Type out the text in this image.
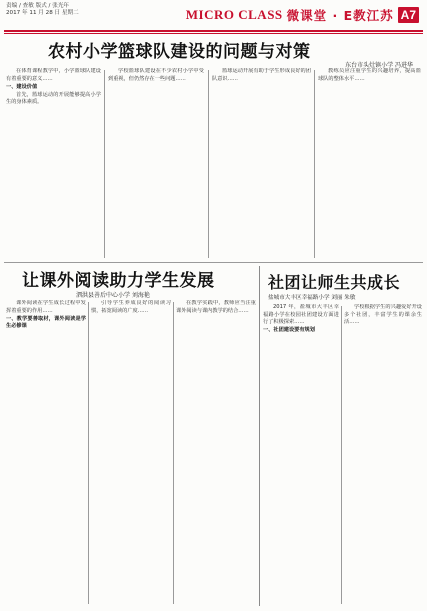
责编 / 查敏 版式 / 张光年
2017 年 11 月 28 日 星期二	MICRO CLASS 微课堂 · E教江苏 A7
农村小学篮球队建设的问题与对策
东台市头灶镇小学 冯进华

在体育课程教学中，小学篮球队建设有着重要的意义……

一、建设价值

首先，篮球运动的开展能够提高小学生的身体素质。

学校篮球队建设在不少农村小学中受到重视，但仍然存在一些问题……

篮球运动开展有助于学生形成良好的团队意识……

教练员应注重学生的兴趣培养，提高篮球队的整体水平……

让课外阅读助力学生发展
泗洪县善后中心小学 刘海艳

课外阅读在学生成长过程中发挥着重要的作用……

一、教学要善取材，课外阅读是学生必修课

引导学生养成良好的阅读习惯，拓宽阅读的广度……

在教学实践中，教师应当注重课外阅读与课内教学的结合……

社团让师生共成长
盐城市大丰区幸福路小学 刘丽 朱敏

2017 年，盐城市大丰区幸福路小学在校园社团建设方面进行了积极探索……

一、社团建设要有规划

学校根据学生的兴趣爱好开设多个社团，丰富学生的课余生活……
